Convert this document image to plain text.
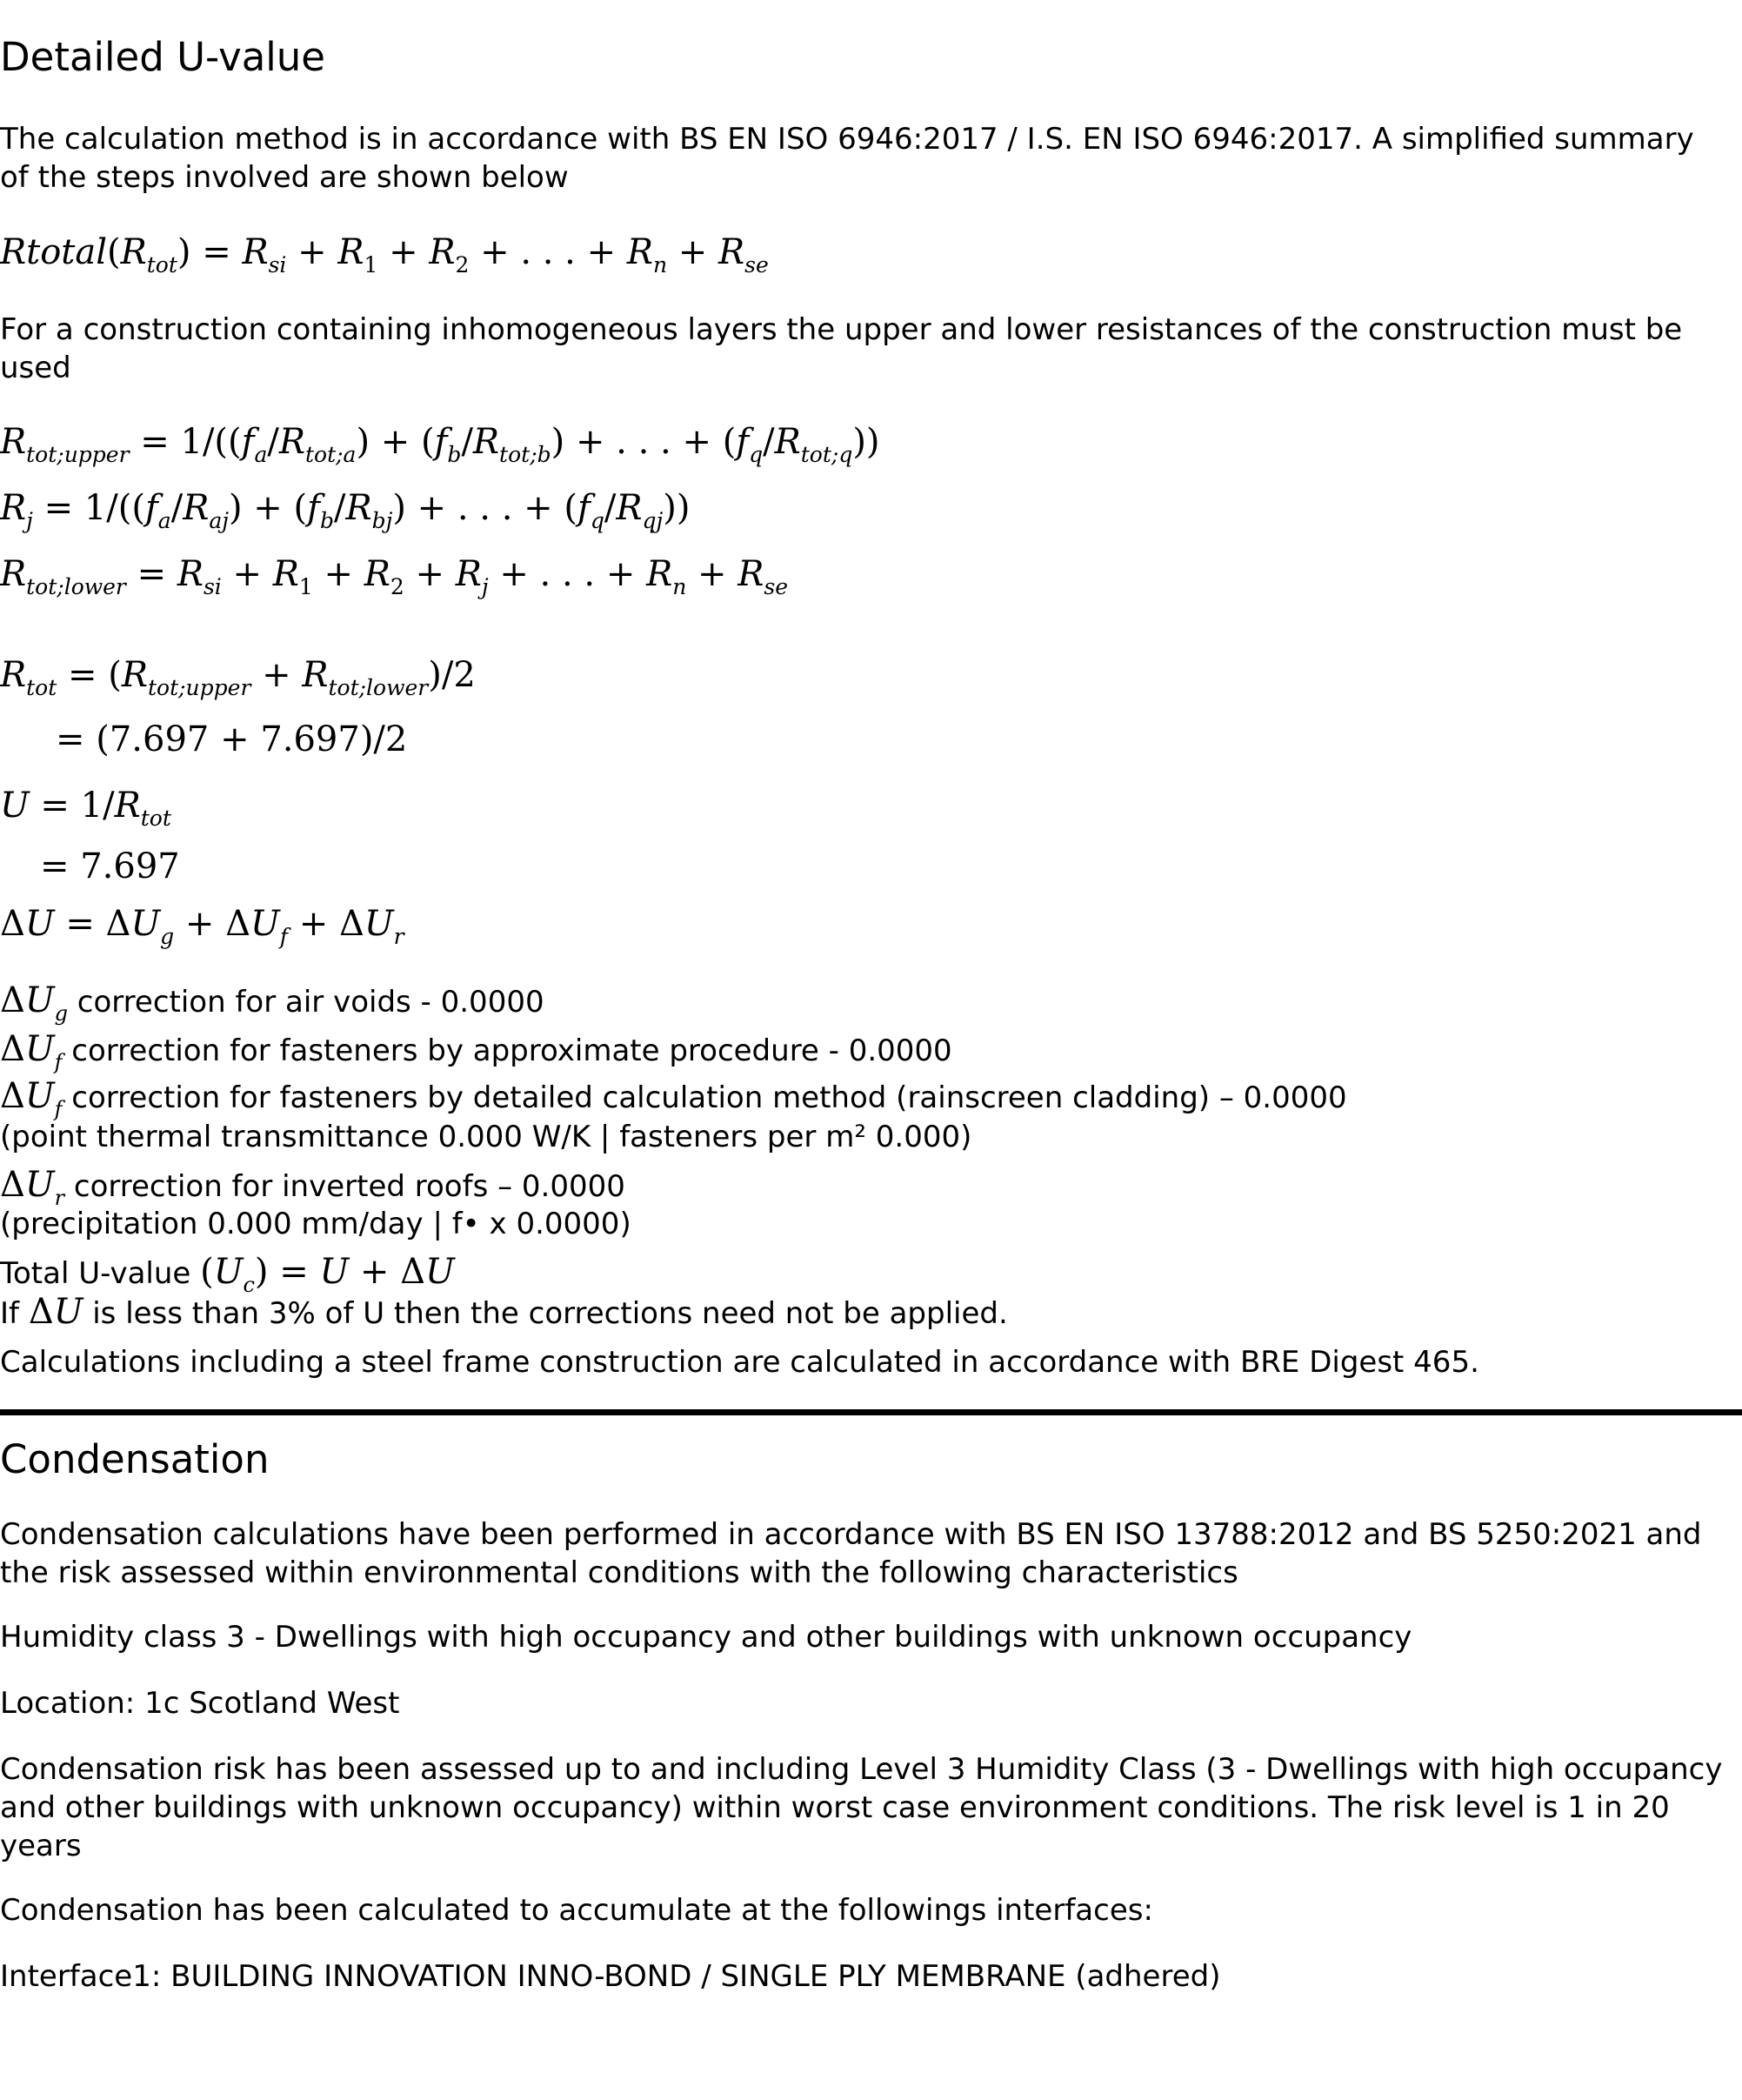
Detailed U-value
The calculation method is in accordance with BS EN ISO 6946:2017 / I.S. EN ISO 6946:2017. A simplified summary of the steps involved are shown below
$Rtotal(R_{tot}) = R_{si} + R_1 + R_2$ + . . . + $R_n + R_{se}$
For a construction containing inhomogeneous layers the upper and lower resistances of the construction must be used
$R_{tot;upper} = 1/((f_a/R_{tot;a}) + (f_b/R_{tot;b})$ + . . . + $(f_q/R_{tot;q})$)
$R_j = 1/((f_a/R_{aj}) + (f_b/R_{bj})$ + . . . + $(f_q/R_{qj})$)
$R_{tot;lower} = R_{si} + R_1 + R_2 + R_j$ + . . . + $R_n + R_{se}$
$R_{tot} = (R_{tot;upper} + R_{tot;lower})/2$
= (7.697 + 7.697)/2
$U = 1/R_{tot}$
= 7.697
$\Delta U = \Delta U_g + \Delta U_f + \Delta U_r$
$\Delta U_g$ correction for air voids - 0.0000
$\Delta U_f$ correction for fasteners by approximate procedure - 0.0000
$\Delta U_f$ correction for fasteners by detailed calculation method (rainscreen cladding) – 0.0000
(point thermal transmittance 0.000 W/K | fasteners per m² 0.000)
$\Delta U_r$ correction for inverted roofs – 0.0000
(precipitation 0.000 mm/day | f• x 0.0000)
Total U-value $(U_c) = U + \Delta U$
If ΔU is less than 3% of U then the corrections need not be applied.
Calculations including a steel frame construction are calculated in accordance with BRE Digest 465.
Condensation
Condensation calculations have been performed in accordance with BS EN ISO 13788:2012 and BS 5250:2021 and the risk assessed within environmental conditions with the following characteristics
Humidity class 3 - Dwellings with high occupancy and other buildings with unknown occupancy
Location: 1c Scotland West
Condensation risk has been assessed up to and including Level 3 Humidity Class (3 - Dwellings with high occupancy and other buildings with unknown occupancy) within worst case environment conditions. The risk level is 1 in 20 years
Condensation has been calculated to accumulate at the followings interfaces:
Interface1: BUILDING INNOVATION INNO-BOND / SINGLE PLY MEMBRANE (adhered)
